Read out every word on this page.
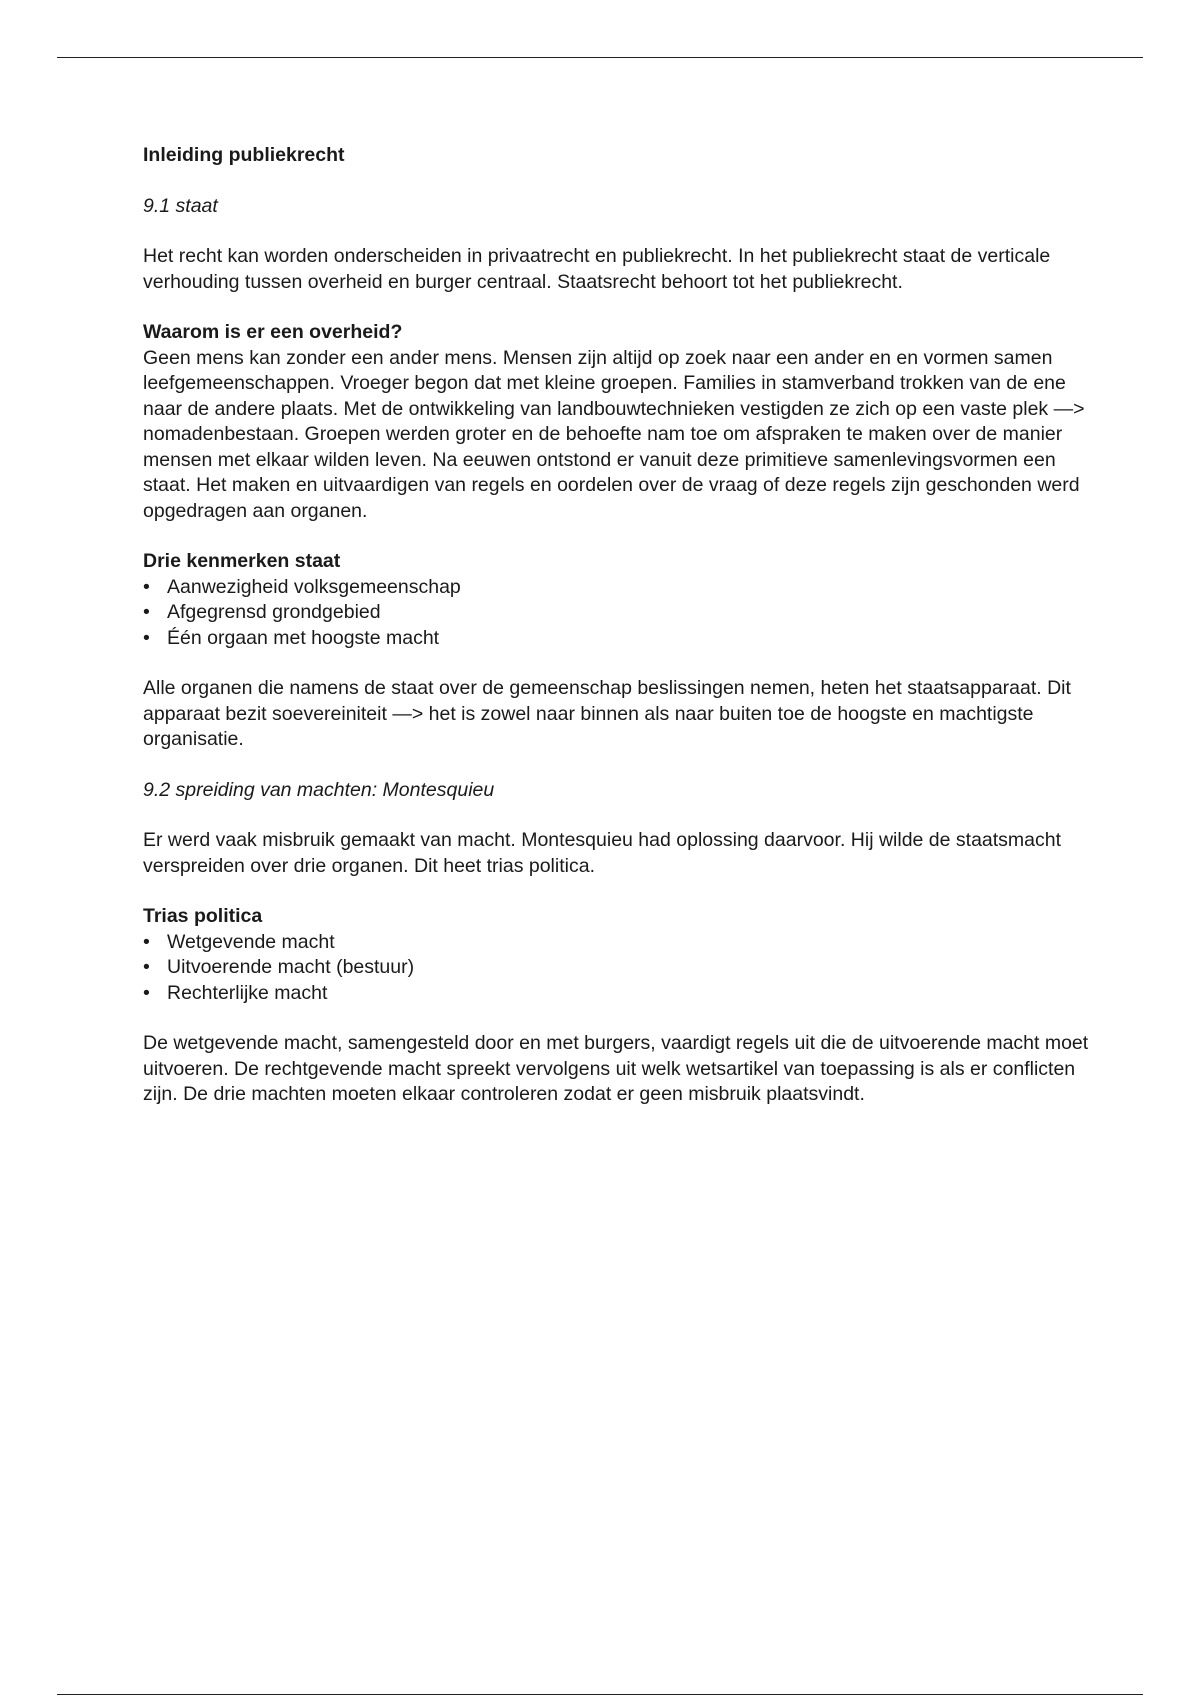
Inleiding publiekrecht

9.1 staat

Het recht kan worden onderscheiden in privaatrecht en publiekrecht. In het publiekrecht staat de verticale verhouding tussen overheid en burger centraal. Staatsrecht behoort tot het publiekrecht.

Waarom is er een overheid?
Geen mens kan zonder een ander mens. Mensen zijn altijd op zoek naar een ander en en vormen samen leefgemeenschappen. Vroeger begon dat met kleine groepen. Families in stamverband trokken van de ene naar de andere plaats. Met de ontwikkeling van landbouwtechnieken vestigden ze zich op een vaste plek —> nomadenbestaan. Groepen werden groter en de behoefte nam toe om afspraken te maken over de manier mensen met elkaar wilden leven. Na eeuwen ontstond er vanuit deze primitieve samenlevingsvormen een staat. Het maken en uitvaardigen van regels en oordelen over de vraag of deze regels zijn geschonden werd opgedragen aan organen.
Drie kenmerken staat
• Aanwezigheid volksgemeenschap
• Afgegrensd grondgebied
• Één orgaan met hoogste macht

Alle organen die namens de staat over de gemeenschap beslissingen nemen, heten het staatsapparaat. Dit apparaat bezit soevereiniteit —> het is zowel naar binnen als naar buiten toe de hoogste en machtigste organisatie.

9.2 spreiding van machten: Montesquieu

Er werd vaak misbruik gemaakt van macht. Montesquieu had oplossing daarvoor. Hij wilde de staatsmacht verspreiden over drie organen. Dit heet trias politica.

Trias politica
• Wetgevende macht
• Uitvoerende macht (bestuur)
• Rechterlijke macht

De wetgevende macht, samengesteld door en met burgers, vaardigt regels uit die de uitvoerende macht moet uitvoeren. De rechtgevende macht spreekt vervolgens uit welk wetsartikel van toepassing is als er conflicten zijn. De drie machten moeten elkaar controleren zodat er geen misbruik plaatsvindt.
